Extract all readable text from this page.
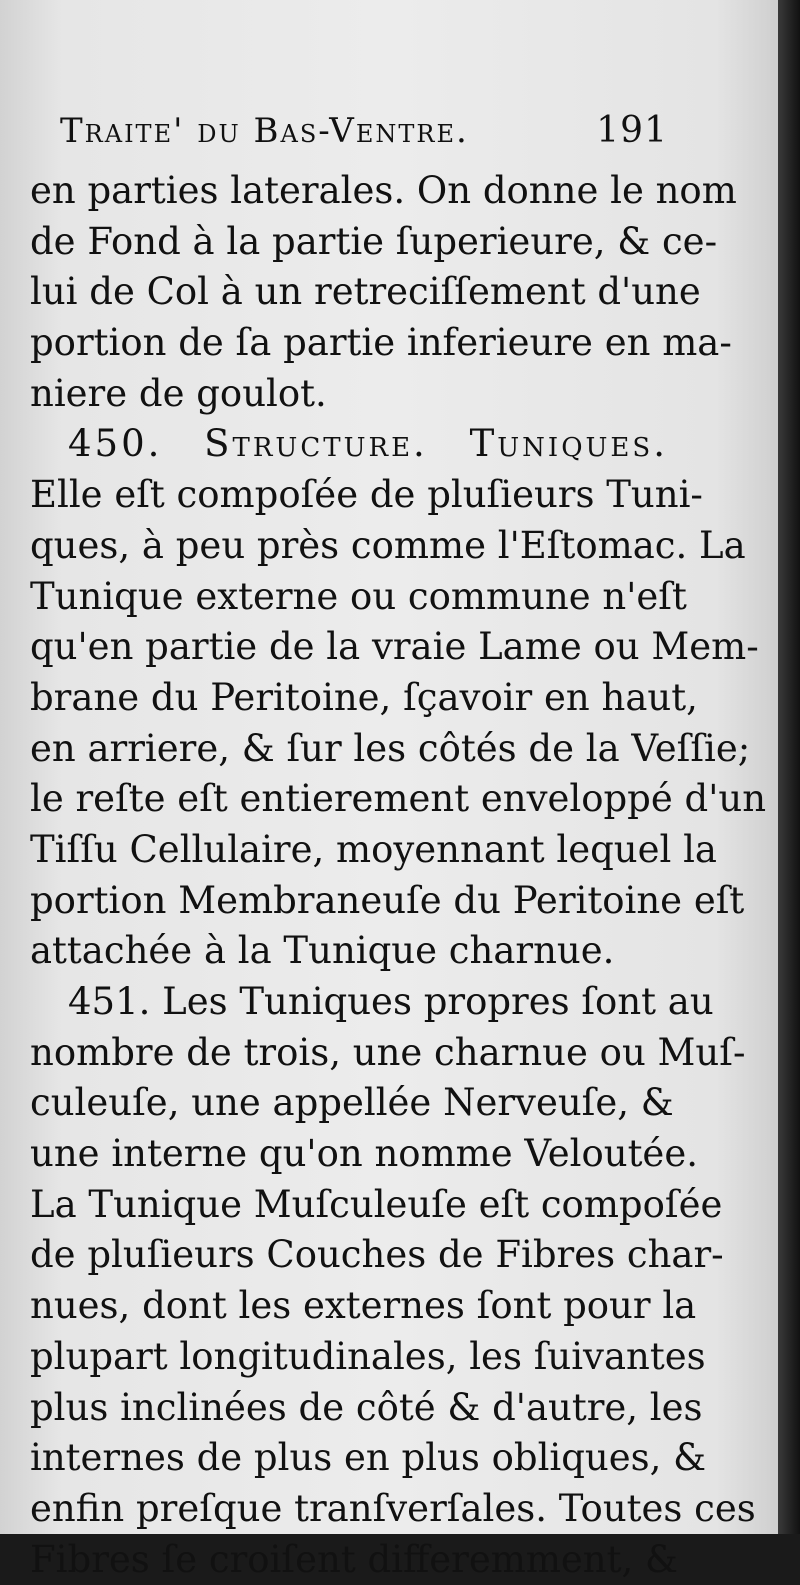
Traite' du Bas-Ventre.	191
en parties laterales. On donne le nom
de Fond à la partie ſuperieure, & ce-
lui de Col à un retreciſſement d'une
portion de ſa partie inferieure en ma-
niere de goulot.
450. Structure. Tuniques.
Elle eſt compoſée de pluſieurs Tuni-
ques, à peu près comme l'Eſtomac. La
Tunique externe ou commune n'eſt
qu'en partie de la vraie Lame ou Mem-
brane du Peritoine, ſçavoir en haut,
en arriere, & ſur les côtés de la Veſſie;
le reſte eſt entierement enveloppé d'un
Tiſſu Cellulaire, moyennant lequel la
portion Membraneuſe du Peritoine eſt
attachée à la Tunique charnue.
451. Les Tuniques propres ſont au
nombre de trois, une charnue ou Muſ-
culeuſe, une appellée Nerveuſe, &
une interne qu'on nomme Veloutée.
La Tunique Muſculeuſe eſt compoſée
de pluſieurs Couches de Fibres char-
nues, dont les externes ſont pour la
plupart longitudinales, les ſuivantes
plus inclinées de côté & d'autre, les
internes de plus en plus obliques, &
enfin preſque tranſverſales. Toutes ces
Fibres ſe croiſent differemment, &
